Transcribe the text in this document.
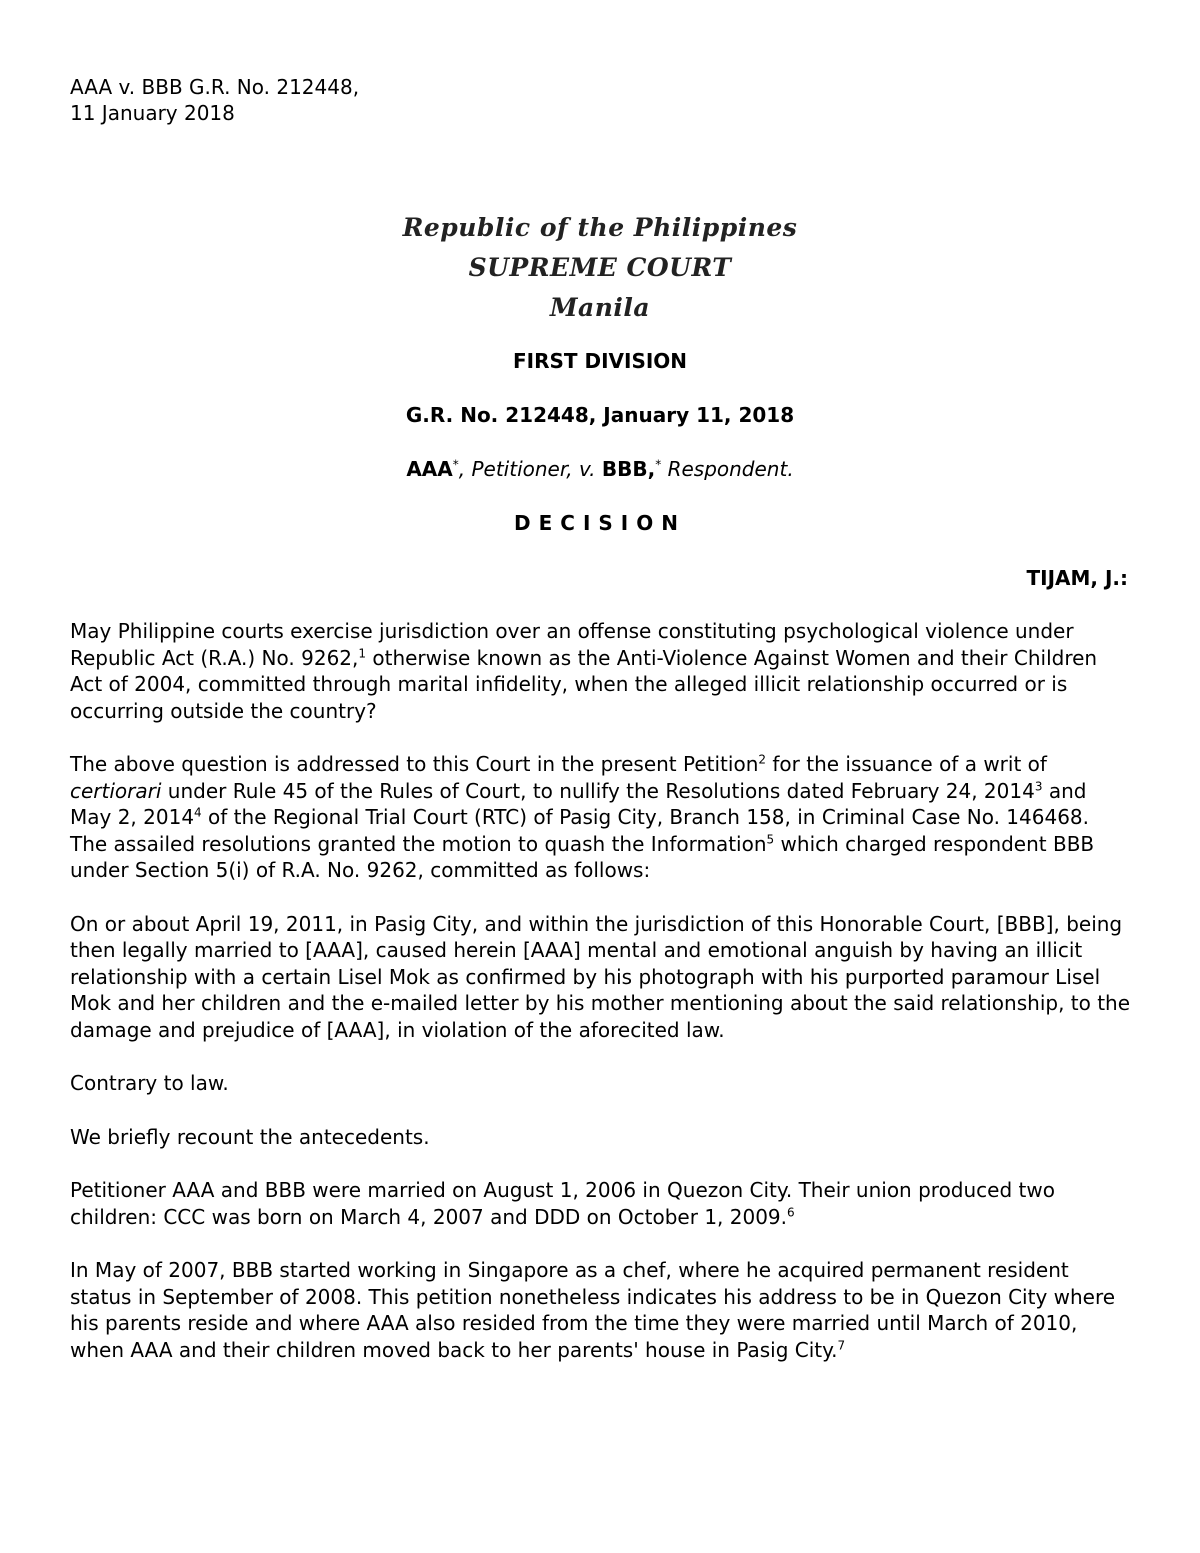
AAA v. BBB G.R. No. 212448,
11 January 2018
Republic of the Philippines
SUPREME COURT
Manila
FIRST DIVISION
G.R. No. 212448, January 11, 2018
AAA*, Petitioner, v. BBB,* Respondent.
DECISION
TIJAM, J.:

May Philippine courts exercise jurisdiction over an offense constituting psychological violence under Republic Act (R.A.) No. 9262,$^1$ otherwise known as the Anti-Violence Against Women and their Children Act of 2004, committed through marital infidelity, when the alleged illicit relationship occurred or is occurring outside the country?

The above question is addressed to this Court in the present Petition$^2$ for the issuance of a writ of certiorari under Rule 45 of the Rules of Court, to nullify the Resolutions dated February 24, 2014$^3$ and May 2, 2014$^4$ of the Regional Trial Court (RTC) of Pasig City, Branch 158, in Criminal Case No. 146468. The assailed resolutions granted the motion to quash the Information$^5$ which charged respondent BBB under Section 5(i) of R.A. No. 9262, committed as follows:

On or about April 19, 2011, in Pasig City, and within the jurisdiction of this Honorable Court, [BBB], being then legally married to [AAA], caused herein [AAA] mental and emotional anguish by having an illicit relationship with a certain Lisel Mok as confirmed by his photograph with his purported paramour Lisel Mok and her children and the e-mailed letter by his mother mentioning about the said relationship, to the damage and prejudice of [AAA], in violation of the aforecited law.

Contrary to law.

We briefly recount the antecedents.

Petitioner AAA and BBB were married on August 1, 2006 in Quezon City. Their union produced two children: CCC was born on March 4, 2007 and DDD on October 1, 2009.$^6$

In May of 2007, BBB started working in Singapore as a chef, where he acquired permanent resident status in September of 2008. This petition nonetheless indicates his address to be in Quezon City where his parents reside and where AAA also resided from the time they were married until March of 2010, when AAA and their children moved back to her parents' house in Pasig City.$^7$
